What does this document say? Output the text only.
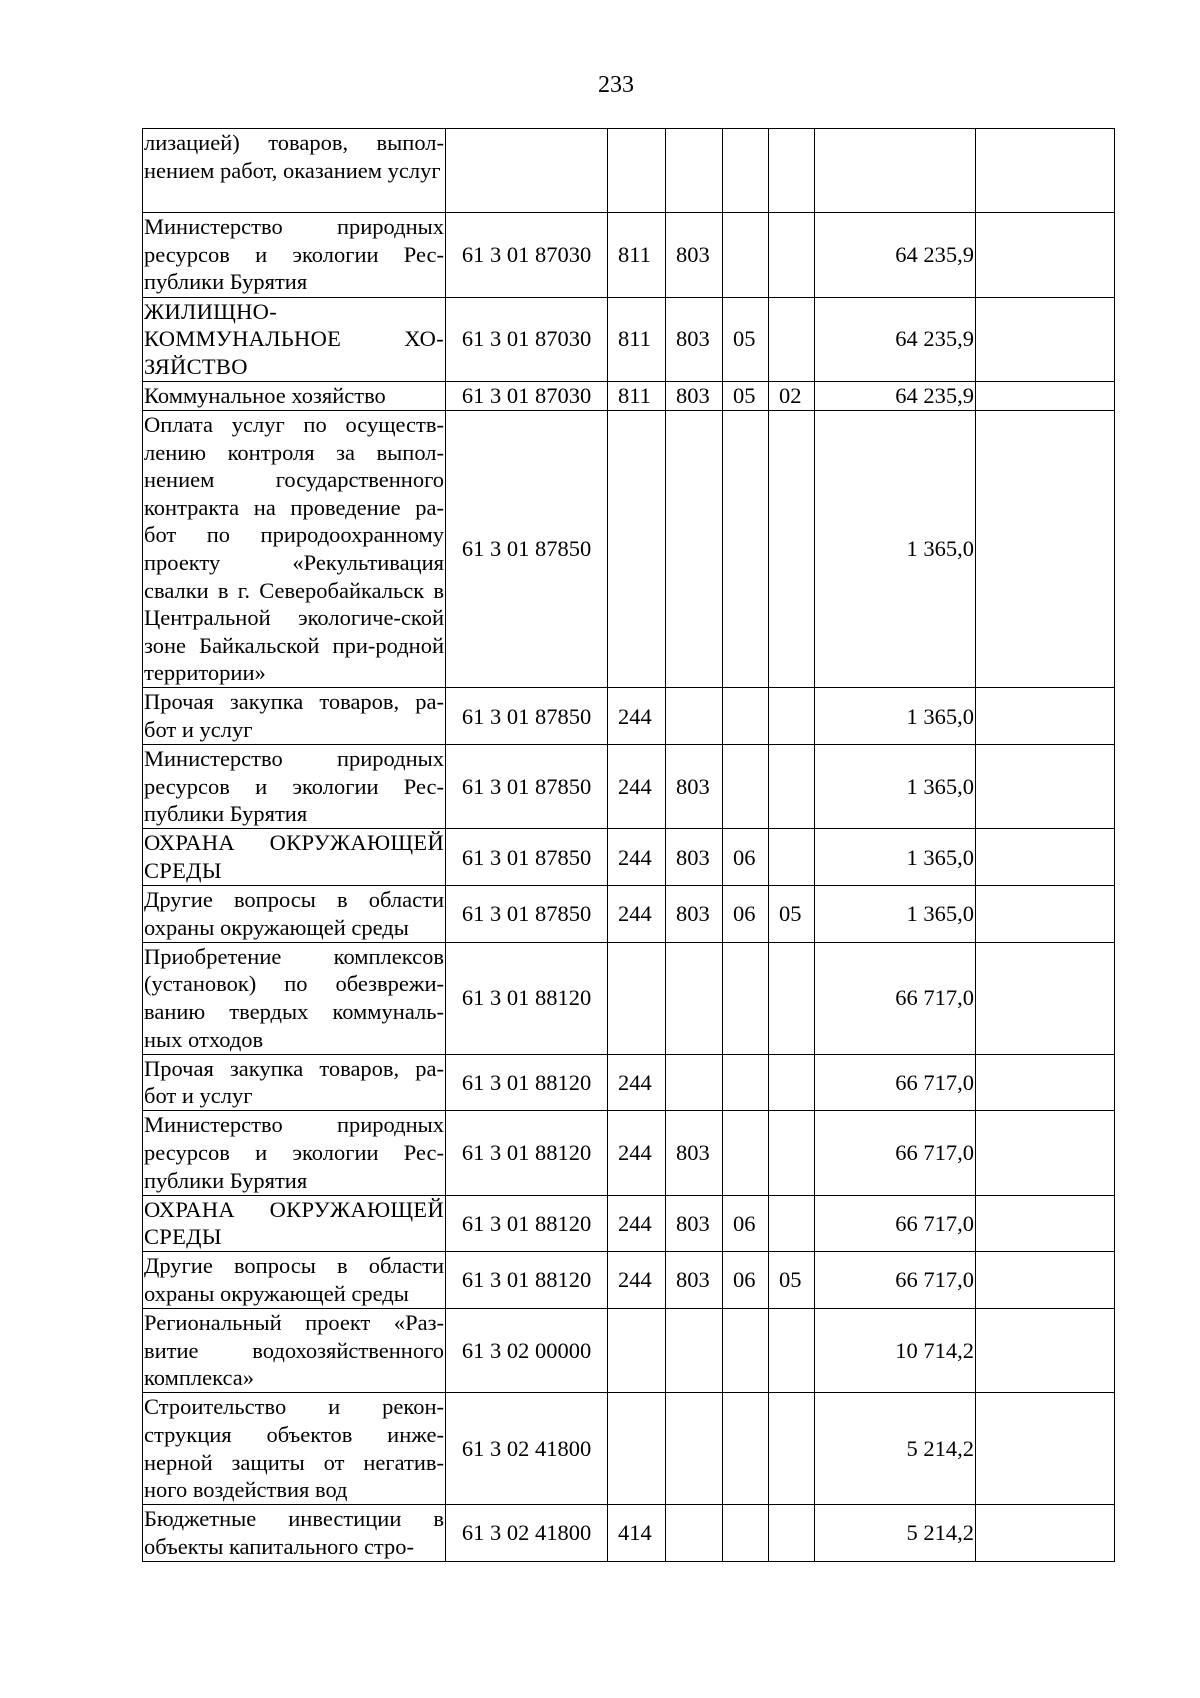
233
лизацией) товаров, выпол-нением работ, оказанием услуг							
Министерство природных ресурсов и экологии Рес-публики Бурятия	61 3 01 87030	811	803			64 235,9	
ЖИЛИЩНО-КОММУНАЛЬНОЕ ХО-ЗЯЙСТВО	61 3 01 87030	811	803	05		64 235,9	
Коммунальное хозяйство	61 3 01 87030	811	803	05	02	64 235,9	
Оплата услуг по осуществ-лению контроля за выпол-нением государственного контракта на проведение ра-бот по природоохранному проекту «Рекультивация свалки в г. Северобайкальск в Центральной экологиче-ской зоне Байкальской при-родной территории»	61 3 01 87850					1 365,0	
Прочая закупка товаров, ра-бот и услуг	61 3 01 87850	244				1 365,0	
Министерство природных ресурсов и экологии Рес-публики Бурятия	61 3 01 87850	244	803			1 365,0	
ОХРАНА ОКРУЖАЮЩЕЙ СРЕДЫ	61 3 01 87850	244	803	06		1 365,0	
Другие вопросы в области охраны окружающей среды	61 3 01 87850	244	803	06	05	1 365,0	
Приобретение комплексов (установок) по обезврежи-ванию твердых коммуналь-ных отходов	61 3 01 88120					66 717,0	
Прочая закупка товаров, ра-бот и услуг	61 3 01 88120	244				66 717,0	
Министерство природных ресурсов и экологии Рес-публики Бурятия	61 3 01 88120	244	803			66 717,0	
ОХРАНА ОКРУЖАЮЩЕЙ СРЕДЫ	61 3 01 88120	244	803	06		66 717,0	
Другие вопросы в области охраны окружающей среды	61 3 01 88120	244	803	06	05	66 717,0	
Региональный проект «Раз-витие водохозяйственного комплекса»	61 3 02 00000					10 714,2	
Строительство и рекон-струкция объектов инже-нерной защиты от негатив-ного воздействия вод	61 3 02 41800					5 214,2	
Бюджетные инвестиции в объекты капитального стро-	61 3 02 41800	414				5 214,2	
